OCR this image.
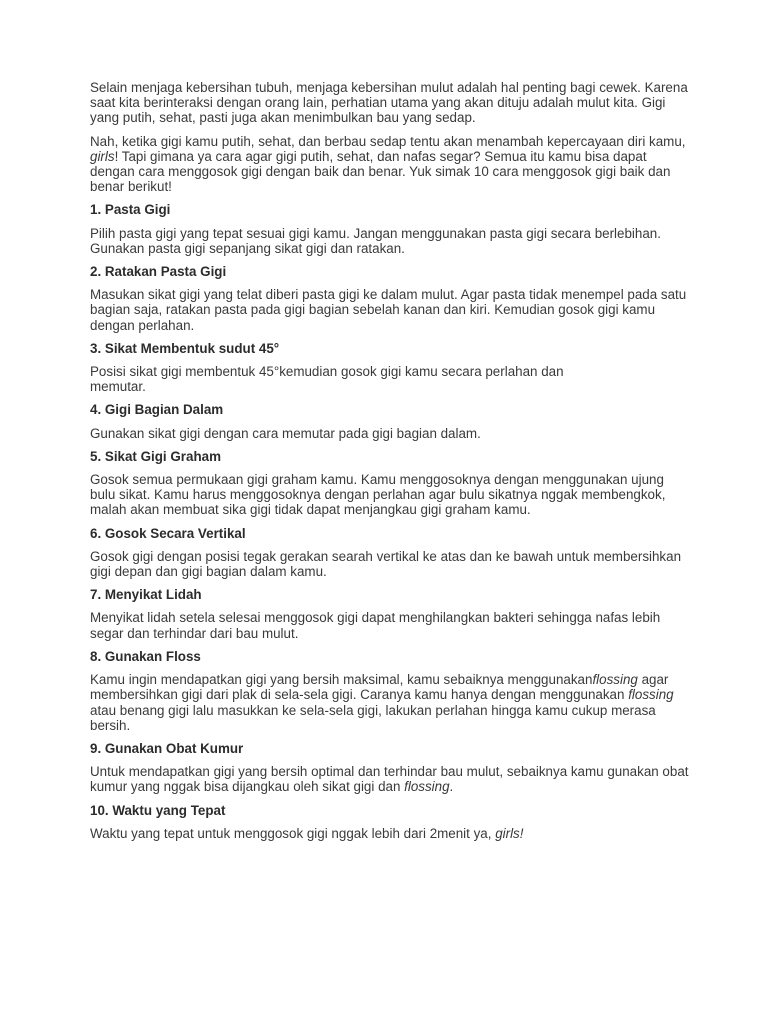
Selain menjaga kebersihan tubuh, menjaga kebersihan mulut adalah hal penting bagi cewek. Karena saat kita berinteraksi dengan orang lain, perhatian utama yang akan dituju adalah mulut kita. Gigi yang putih, sehat, pasti juga akan menimbulkan bau yang sedap.

Nah, ketika gigi kamu putih, sehat, dan berbau sedap tentu akan menambah kepercayaan diri kamu, girls! Tapi gimana ya cara agar gigi putih, sehat, dan nafas segar? Semua itu kamu bisa dapat dengan cara menggosok gigi dengan baik dan benar. Yuk simak 10 cara menggosok gigi baik dan benar berikut!

1. Pasta Gigi

Pilih pasta gigi yang tepat sesuai gigi kamu. Jangan menggunakan pasta gigi secara berlebihan. Gunakan pasta gigi sepanjang sikat gigi dan ratakan.

2. Ratakan Pasta Gigi

Masukan sikat gigi yang telat diberi pasta gigi ke dalam mulut. Agar pasta tidak menempel pada satu bagian saja, ratakan pasta pada gigi bagian sebelah kanan dan kiri. Kemudian gosok gigi kamu dengan perlahan.

3. Sikat Membentuk sudut 45°

Posisi sikat gigi membentuk 45°kemudian gosok gigi kamu secara perlahan dan memutar.

4. Gigi Bagian Dalam

Gunakan sikat gigi dengan cara memutar pada gigi bagian dalam.

5. Sikat Gigi Graham

Gosok semua permukaan gigi graham kamu. Kamu menggosoknya dengan menggunakan ujung bulu sikat. Kamu harus menggosoknya dengan perlahan agar bulu sikatnya nggak membengkok, malah akan membuat sika gigi tidak dapat menjangkau gigi graham kamu.

6. Gosok Secara Vertikal

Gosok gigi dengan posisi tegak gerakan searah vertikal ke atas dan ke bawah untuk membersihkan gigi depan dan gigi bagian dalam kamu.

7. Menyikat Lidah

Menyikat lidah setela selesai menggosok gigi dapat menghilangkan bakteri sehingga nafas lebih segar dan terhindar dari bau mulut.

8. Gunakan Floss

Kamu ingin mendapatkan gigi yang bersih maksimal, kamu sebaiknya menggunakanflossing agar membersihkan gigi dari plak di sela-sela gigi. Caranya kamu hanya dengan menggunakan flossing atau benang gigi lalu masukkan ke sela-sela gigi, lakukan perlahan hingga kamu cukup merasa bersih.

9. Gunakan Obat Kumur

Untuk mendapatkan gigi yang bersih optimal dan terhindar bau mulut, sebaiknya kamu gunakan obat kumur yang nggak bisa dijangkau oleh sikat gigi dan flossing.

10. Waktu yang Tepat

Waktu yang tepat untuk menggosok gigi nggak lebih dari 2menit ya, girls!
